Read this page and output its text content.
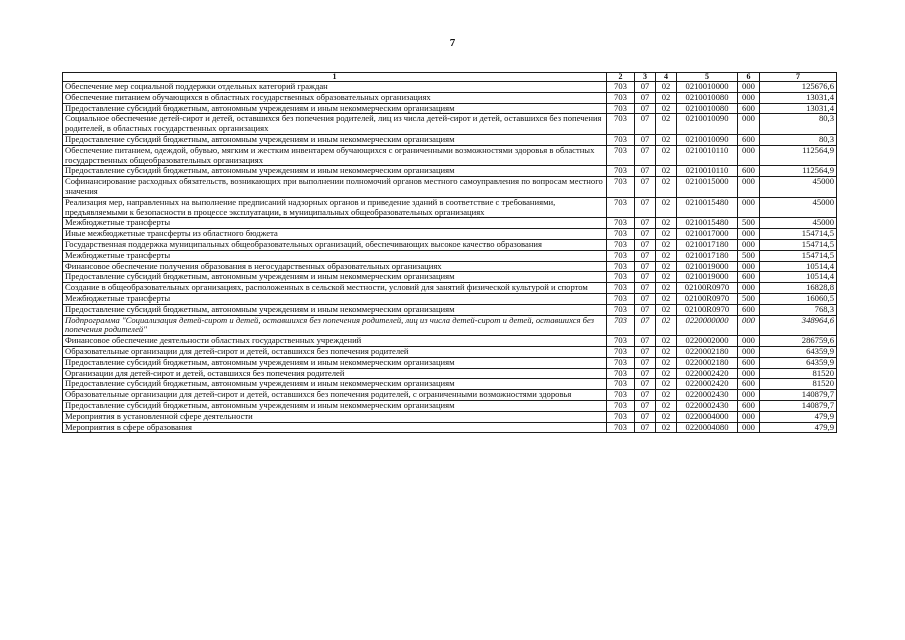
7
1	2	3	4	5	6	7
Обеспечение мер социальной поддержки отдельных категорий граждан	703	07	02	0210010000	000	125676,6
Обеспечение питанием обучающихся в областных государственных образовательных организациях	703	07	02	0210010080	000	13031,4
Предоставление субсидий бюджетным, автономным учреждениям и иным некоммерческим организациям	703	07	02	0210010080	600	13031,4
Социальное обеспечение детей-сирот и детей, оставшихся без попечения родителей, лиц из числа детей-сирот и детей, оставшихся без попечения родителей, в областных государственных организациях	703	07	02	0210010090	000	80,3
Предоставление субсидий бюджетным, автономным учреждениям и иным некоммерческим организациям	703	07	02	0210010090	600	80,3
Обеспечение питанием, одеждой, обувью, мягким и жестким инвентарем обучающихся с ограниченными возможностями здоровья в областных государственных общеобразовательных организациях	703	07	02	0210010110	000	112564,9
Предоставление субсидий бюджетным, автономным учреждениям и иным некоммерческим организациям	703	07	02	0210010110	600	112564,9
Софинансирование расходных обязательств, возникающих при выполнении полномочий органов местного самоуправления по вопросам местного значения	703	07	02	0210015000	000	45000
Реализация мер, направленных на выполнение предписаний надзорных органов и приведение зданий в соответствие с требованиями, предъявляемыми к безопасности в процессе эксплуатации, в муниципальных общеобразовательных организациях	703	07	02	0210015480	000	45000
Межбюджетные трансферты	703	07	02	0210015480	500	45000
Иные межбюджетные трансферты из областного бюджета	703	07	02	0210017000	000	154714,5
Государственная поддержка муниципальных общеобразовательных организаций, обеспечивающих высокое качество образования	703	07	02	0210017180	000	154714,5
Межбюджетные трансферты	703	07	02	0210017180	500	154714,5
Финансовое обеспечение получения образования в негосударственных образовательных организациях	703	07	02	0210019000	000	10514,4
Предоставление субсидий бюджетным, автономным учреждениям и иным некоммерческим организациям	703	07	02	0210019000	600	10514,4
Создание в общеобразовательных организациях, расположенных в сельской местности, условий для занятий физической культурой и спортом	703	07	02	02100R0970	000	16828,8
Межбюджетные трансферты	703	07	02	02100R0970	500	16060,5
Предоставление субсидий бюджетным, автономным учреждениям и иным некоммерческим организациям	703	07	02	02100R0970	600	768,3
Подпрограмма "Социализация детей-сирот и детей, оставшихся без попечения родителей, лиц из числа детей-сирот и детей, оставшихся без попечения родителей"	703	07	02	0220000000	000	348964,6
Финансовое обеспечение деятельности областных государственных учреждений	703	07	02	0220002000	000	286759,6
Образовательные организации для детей-сирот и детей, оставшихся без попечения родителей	703	07	02	0220002180	000	64359,9
Предоставление субсидий бюджетным, автономным учреждениям и иным некоммерческим организациям	703	07	02	0220002180	600	64359,9
Организации для детей-сирот и детей, оставшихся без попечения родителей	703	07	02	0220002420	000	81520
Предоставление субсидий бюджетным, автономным учреждениям и иным некоммерческим организациям	703	07	02	0220002420	600	81520
Образовательные организации для детей-сирот и детей, оставшихся без попечения родителей, с ограниченными возможностями здоровья	703	07	02	0220002430	000	140879,7
Предоставление субсидий бюджетным, автономным учреждениям и иным некоммерческим организациям	703	07	02	0220002430	600	140879,7
Мероприятия в установленной сфере деятельности	703	07	02	0220004000	000	479,9
Мероприятия в сфере образования	703	07	02	0220004080	000	479,9
